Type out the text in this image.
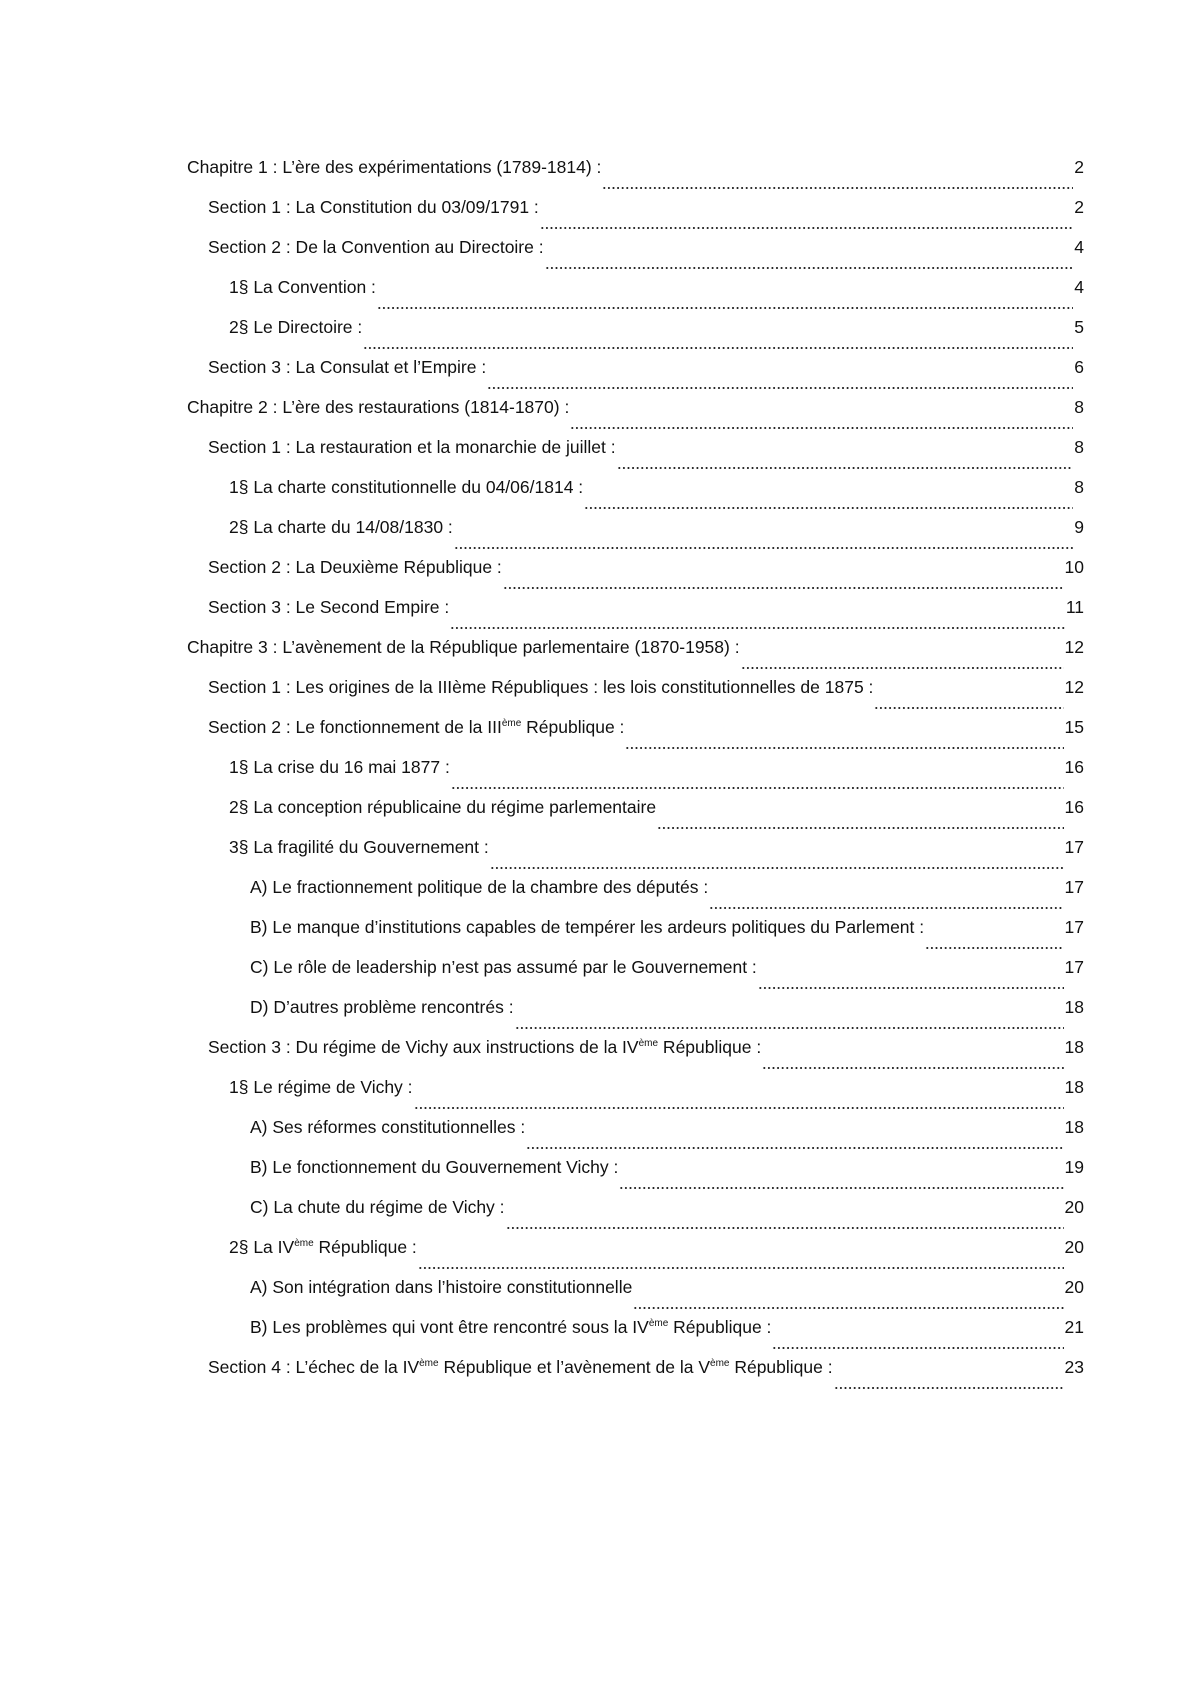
Chapitre 1 : L’ère des expérimentations (1789-1814) :	2
Section 1 : La Constitution du 03/09/1791 :	2
Section 2 : De la Convention au Directoire :	4
1§ La Convention :	4
2§ Le Directoire :	5
Section 3 : La Consulat et l’Empire :	6
Chapitre 2 : L’ère des restaurations (1814-1870) :	8
Section 1 : La restauration et la monarchie de juillet :	8
1§ La charte constitutionnelle du 04/06/1814 :	8
2§ La charte du 14/08/1830 :	9
Section 2 : La Deuxième République :	10
Section 3 : Le Second Empire :	11
Chapitre 3 : L’avènement de la République parlementaire (1870-1958) :	12
Section 1 : Les origines de la IIIème Républiques : les lois constitutionnelles de 1875 :	12
Section 2 : Le fonctionnement de la IIIème République :	15
1§ La crise du 16 mai 1877 :	16
2§ La conception républicaine du régime parlementaire	16
3§ La fragilité du Gouvernement :	17
A) Le fractionnement politique de la chambre des députés :	17
B) Le manque d’institutions capables de tempérer les ardeurs politiques du Parlement :	17
C) Le rôle de leadership n’est pas assumé par le Gouvernement :	17
D) D’autres problème rencontrés :	18
Section 3 : Du régime de Vichy aux instructions de la IVème République :	18
1§ Le régime de Vichy :	18
A) Ses réformes constitutionnelles :	18
B) Le fonctionnement du Gouvernement Vichy :	19
C) La chute du régime de Vichy :	20
2§ La IVème République :	20
A) Son intégration dans l’histoire constitutionnelle	20
B) Les problèmes qui vont être rencontré sous la IVème République :	21
Section 4 : L’échec de la IVème République et l’avènement de la Vème République :	23
